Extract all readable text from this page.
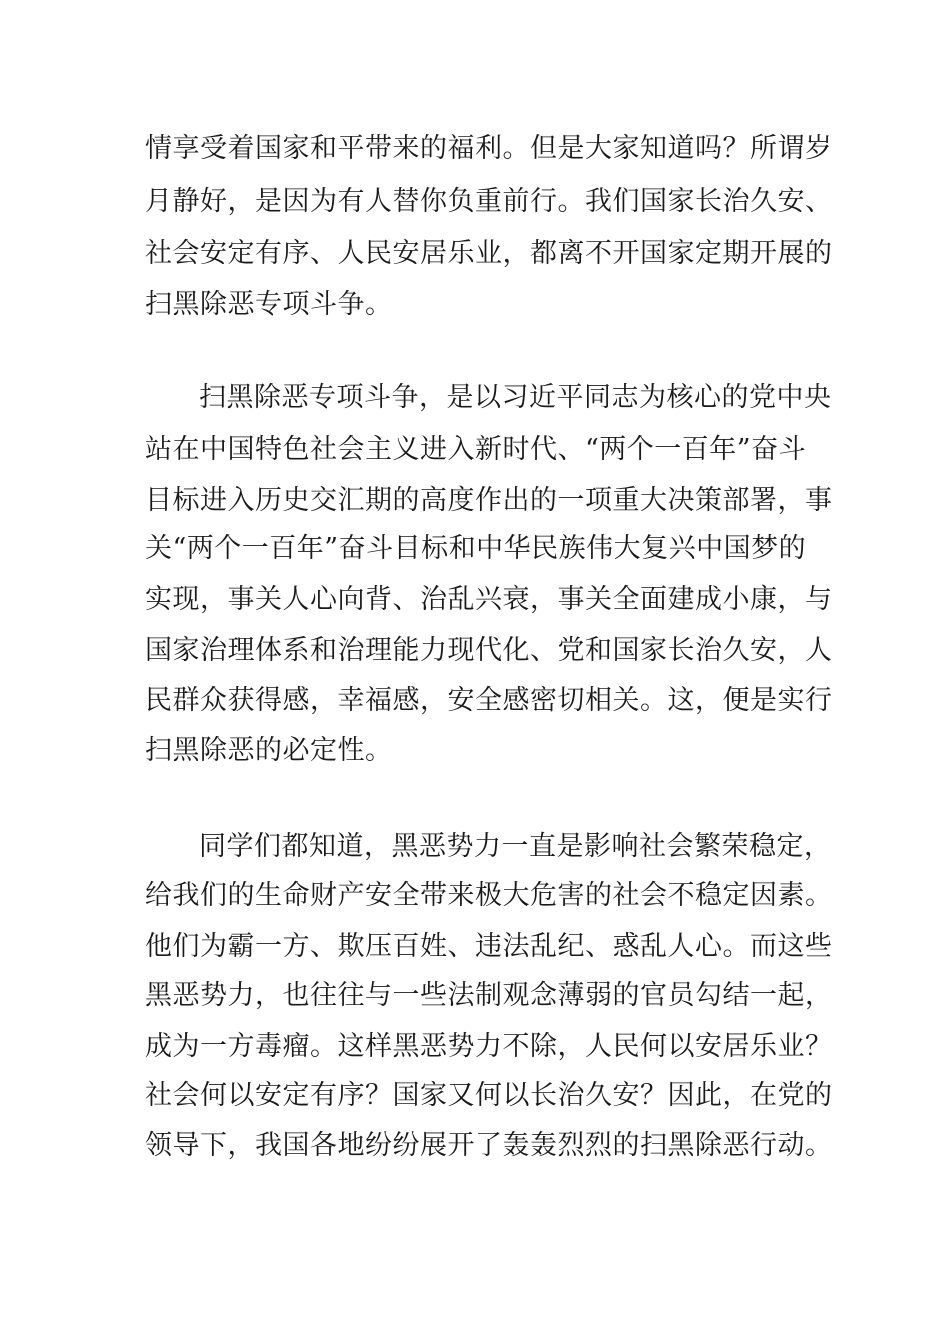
情享受着国家和平带来的福利。但是大家知道吗？所谓岁
月静好，是因为有人替你负重前行。我们国家长治久安、
社会安定有序、人民安居乐业，都离不开国家定期开展的
扫黑除恶专项斗争。
扫黑除恶专项斗争，是以习近平同志为核心的党中央
站在中国特色社会主义进入新时代、“两个一百年”奋斗
目标进入历史交汇期的高度作出的一项重大决策部署，事
关“两个一百年”奋斗目标和中华民族伟大复兴中国梦的
实现，事关人心向背、治乱兴衰，事关全面建成小康，与
国家治理体系和治理能力现代化、党和国家长治久安，人
民群众获得感，幸福感，安全感密切相关。这，便是实行
扫黑除恶的必定性。
同学们都知道，黑恶势力一直是影响社会繁荣稳定，
给我们的生命财产安全带来极大危害的社会不稳定因素。
他们为霸一方、欺压百姓、违法乱纪、惑乱人心。而这些
黑恶势力，也往往与一些法制观念薄弱的官员勾结一起，
成为一方毒瘤。这样黑恶势力不除，人民何以安居乐业？
社会何以安定有序？国家又何以长治久安？因此，在党的
领导下，我国各地纷纷展开了轰轰烈烈的扫黑除恶行动。
